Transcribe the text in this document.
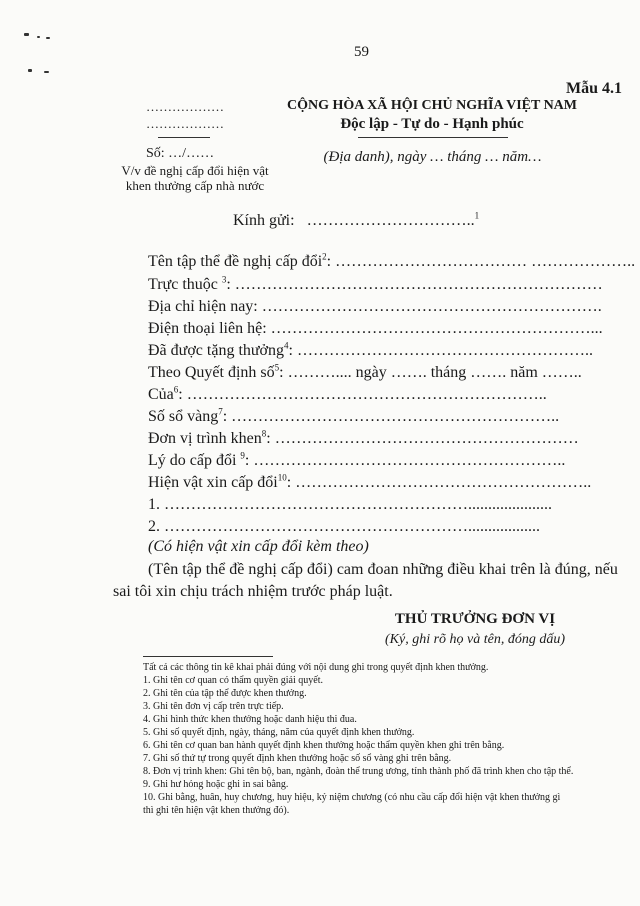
59
Mẫu 4.1
………………
………………
Số: …/……
V/v đề nghị cấp đổi hiện vật
khen thưởng cấp nhà nước
CỘNG HÒA XÃ HỘI CHỦ NGHĨA VIỆT NAM
Độc lập - Tự do - Hạnh phúc
(Địa danh), ngày … tháng … năm…
Kính gửi: …………………………..$^1$
Tên tập thể đề nghị cấp đổi$^2$: ……………………………… ………………..
Trực thuộc $^3$: ……………………………………………………………
Địa chỉ hiện nay: ……………………………………………………….
Điện thoại liên hệ: ……………………………………………………...
Đã được tặng thưởng$^4$: ………………………………………………..
Theo Quyết định số$^5$: ……….... ngày ……. tháng ……. năm ……..
Của$^6$: …………………………………………………………..
Số sổ vàng$^7$: ……………………………………………………..
Đơn vị trình khen$^8$: …………………………………………………
Lý do cấp đổi $^9$: …………………………………………………..
Hiện vật xin cấp đổi$^{10}$: ………………………………………………..
1. ………………………………………………….....................
2. …………………………………………………..................
(Có hiện vật xin cấp đổi kèm theo)
(Tên tập thể đề nghị cấp đổi) cam đoan những điều khai trên là đúng, nếu
sai tôi xin chịu trách nhiệm trước pháp luật.
THỦ TRƯỞNG ĐƠN VỊ
(Ký, ghi rõ họ và tên, đóng dấu)
Tất cả các thông tin kê khai phải đúng với nội dung ghi trong quyết định khen thưởng.
1. Ghi tên cơ quan có thẩm quyền giải quyết.
2. Ghi tên của tập thể được khen thưởng.
3. Ghi tên đơn vị cấp trên trực tiếp.
4. Ghi hình thức khen thưởng hoặc danh hiệu thi đua.
5. Ghi số quyết định, ngày, tháng, năm của quyết định khen thưởng.
6. Ghi tên cơ quan ban hành quyết định khen thưởng hoặc thẩm quyền khen ghi trên bằng.
7. Ghi số thứ tự trong quyết định khen thưởng hoặc số sổ vàng ghi trên bằng.
8. Đơn vị trình khen: Ghi tên bộ, ban, ngành, đoàn thể trung ương, tỉnh thành phố đã trình khen cho tập thể.
9. Ghi hư hỏng hoặc ghi in sai bằng.
10. Ghi bằng, huân, huy chương, huy hiệu, kỷ niệm chương (có nhu cầu cấp đổi hiện vật khen thưởng gì
thì ghi tên hiện vật khen thưởng đó).
